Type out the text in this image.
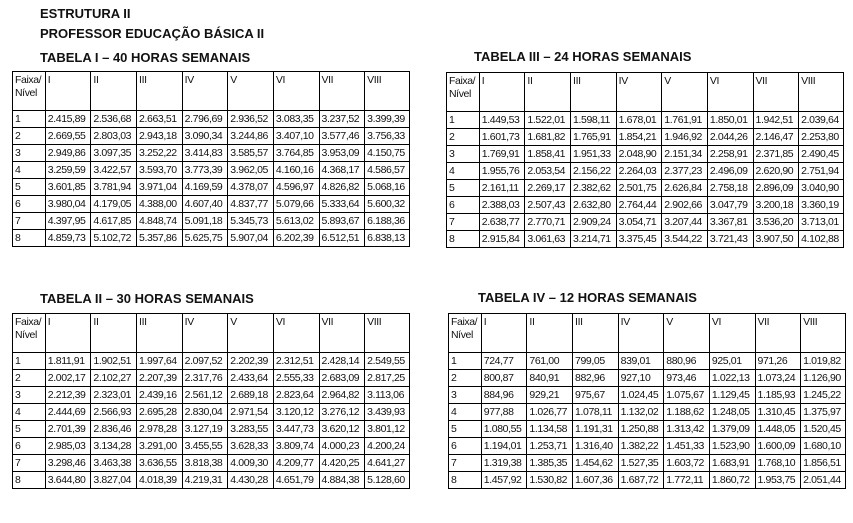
ESTRUTURA II
PROFESSOR EDUCAÇÃO BÁSICA II
TABELA I – 40 HORAS SEMANAIS
Faixa/
Nível	I	II	III	IV	V	VI	VII	VIII
1	2.415,89	2.536,68	2.663,51	2.796,69	2.936,52	3.083,35	3.237,52	3.399,39
2	2.669,55	2.803,03	2.943,18	3.090,34	3.244,86	3.407,10	3.577,46	3.756,33
3	2.949,86	3.097,35	3.252,22	3.414,83	3.585,57	3.764,85	3.953,09	4.150,75
4	3.259,59	3.422,57	3.593,70	3.773,39	3.962,05	4.160,16	4.368,17	4.586,57
5	3.601,85	3.781,94	3.971,04	4.169,59	4.378,07	4.596,97	4.826,82	5.068,16
6	3.980,04	4.179,05	4.388,00	4.607,40	4.837,77	5.079,66	5.333,64	5.600,32
7	4.397,95	4.617,85	4.848,74	5.091,18	5.345,73	5.613,02	5.893,67	6.188,36
8	4.859,73	5.102,72	5.357,86	5.625,75	5.907,04	6.202,39	6.512,51	6.838,13
TABELA II – 30 HORAS SEMANAIS
Faixa/
Nível	I	II	III	IV	V	VI	VII	VIII
1	1.811,91	1.902,51	1.997,64	2.097,52	2.202,39	2.312,51	2.428,14	2.549,55
2	2.002,17	2.102,27	2.207,39	2.317,76	2.433,64	2.555,33	2.683,09	2.817,25
3	2.212,39	2.323,01	2.439,16	2.561,12	2.689,18	2.823,64	2.964,82	3.113,06
4	2.444,69	2.566,93	2.695,28	2.830,04	2.971,54	3.120,12	3.276,12	3.439,93
5	2.701,39	2.836,46	2.978,28	3.127,19	3.283,55	3.447,73	3.620,12	3.801,12
6	2.985,03	3.134,28	3.291,00	3.455,55	3.628,33	3.809,74	4.000,23	4.200,24
7	3.298,46	3.463,38	3.636,55	3.818,38	4.009,30	4.209,77	4.420,25	4.641,27
8	3.644,80	3.827,04	4.018,39	4.219,31	4.430,28	4.651,79	4.884,38	5.128,60
TABELA III – 24 HORAS SEMANAIS
Faixa/
Nível	I	II	III	IV	V	VI	VII	VIII
1	1.449,53	1.522,01	1.598,11	1.678,01	1.761,91	1.850,01	1.942,51	2.039,64
2	1.601,73	1.681,82	1.765,91	1.854,21	1.946,92	2.044,26	2.146,47	2.253,80
3	1.769,91	1.858,41	1.951,33	2.048,90	2.151,34	2.258,91	2.371,85	2.490,45
4	1.955,76	2.053,54	2.156,22	2.264,03	2.377,23	2.496,09	2.620,90	2.751,94
5	2.161,11	2.269,17	2.382,62	2.501,75	2.626,84	2.758,18	2.896,09	3.040,90
6	2.388,03	2.507,43	2.632,80	2.764,44	2.902,66	3.047,79	3.200,18	3.360,19
7	2.638,77	2.770,71	2.909,24	3.054,71	3.207,44	3.367,81	3.536,20	3.713,01
8	2.915,84	3.061,63	3.214,71	3.375,45	3.544,22	3.721,43	3.907,50	4.102,88
TABELA IV – 12 HORAS SEMANAIS
Faixa/
Nível	I	II	III	IV	V	VI	VII	VIII
1	724,77	761,00	799,05	839,01	880,96	925,01	971,26	1.019,82
2	800,87	840,91	882,96	927,10	973,46	1.022,13	1.073,24	1.126,90
3	884,96	929,21	975,67	1.024,45	1.075,67	1.129,45	1.185,93	1.245,22
4	977,88	1.026,77	1.078,11	1.132,02	1.188,62	1.248,05	1.310,45	1.375,97
5	1.080,55	1.134,58	1.191,31	1.250,88	1.313,42	1.379,09	1.448,05	1.520,45
6	1.194,01	1.253,71	1.316,40	1.382,22	1.451,33	1.523,90	1.600,09	1.680,10
7	1.319,38	1.385,35	1.454,62	1.527,35	1.603,72	1.683,91	1.768,10	1.856,51
8	1.457,92	1.530,82	1.607,36	1.687,72	1.772,11	1.860,72	1.953,75	2.051,44
